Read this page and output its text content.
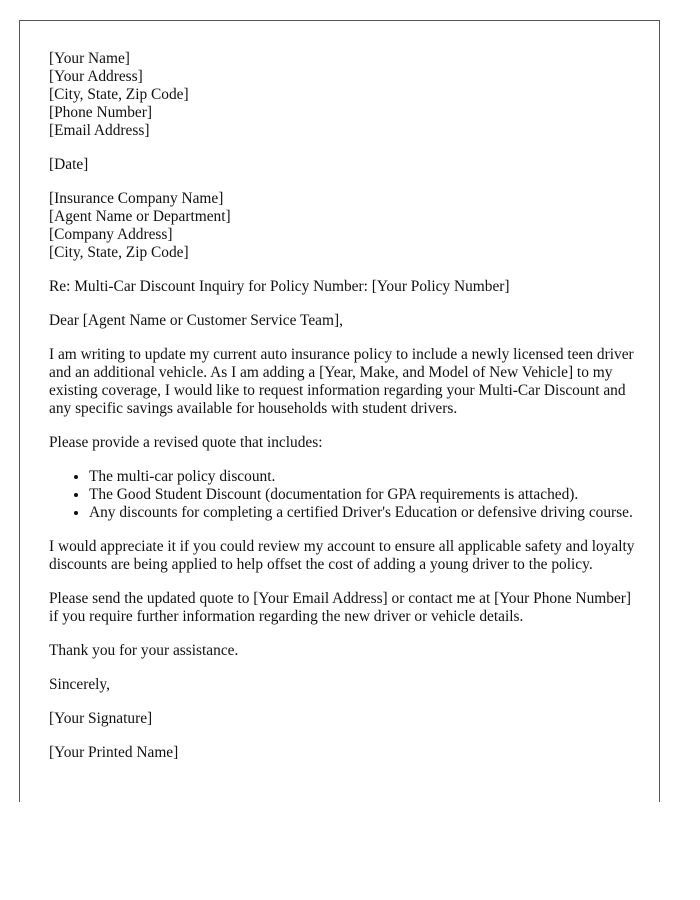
[Your Name]
[Your Address]
[City, State, Zip Code]
[Phone Number]
[Email Address]

[Date]

[Insurance Company Name]
[Agent Name or Department]
[Company Address]
[City, State, Zip Code]

Re: Multi-Car Discount Inquiry for Policy Number: [Your Policy Number]

Dear [Agent Name or Customer Service Team],

I am writing to update my current auto insurance policy to include a newly licensed teen driver and an additional vehicle. As I am adding a [Year, Make, and Model of New Vehicle] to my existing coverage, I would like to request information regarding your Multi-Car Discount and any specific savings available for households with student drivers.

Please provide a revised quote that includes:

• The multi-car policy discount.
• The Good Student Discount (documentation for GPA requirements is attached).
• Any discounts for completing a certified Driver's Education or defensive driving course.

I would appreciate it if you could review my account to ensure all applicable safety and loyalty discounts are being applied to help offset the cost of adding a young driver to the policy.

Please send the updated quote to [Your Email Address] or contact me at [Your Phone Number] if you require further information regarding the new driver or vehicle details.

Thank you for your assistance.

Sincerely,

[Your Signature]

[Your Printed Name]
